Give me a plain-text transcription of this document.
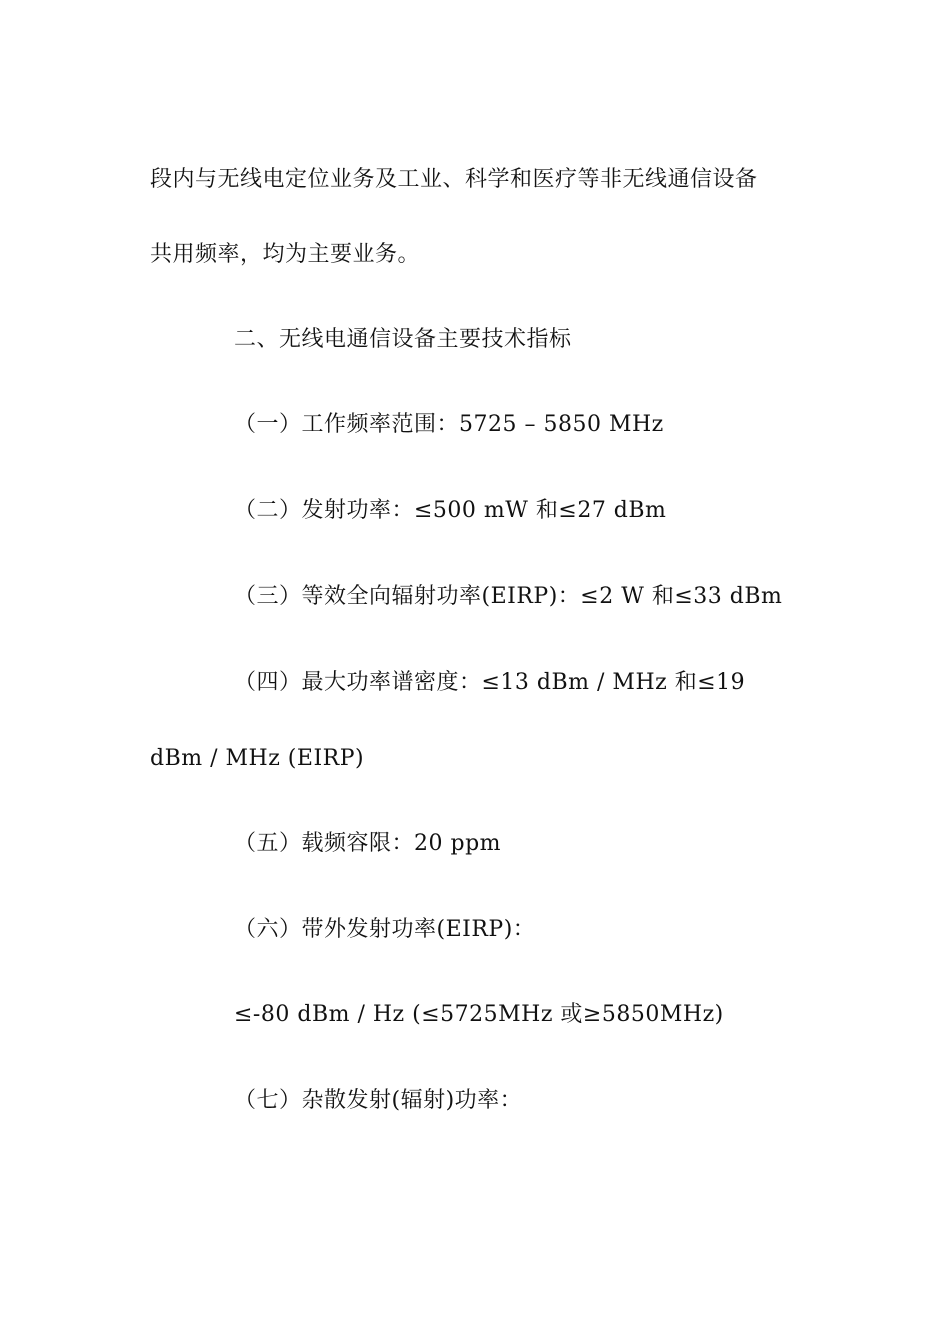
段内与无线电定位业务及工业、科学和医疗等非无线通信设备
共用频率，均为主要业务。
二、无线电通信设备主要技术指标
（一）工作频率范围：5725 – 5850 MHz
（二）发射功率：≤500 mW 和≤27 dBm
（三）等效全向辐射功率(EIRP)：≤2 W 和≤33 dBm
（四）最大功率谱密度：≤13 dBm / MHz 和≤19
dBm / MHz (EIRP)
（五）载频容限：20 ppm
（六）带外发射功率(EIRP)：
≤-80 dBm / Hz (≤5725MHz 或≥5850MHz)
（七）杂散发射(辐射)功率：
